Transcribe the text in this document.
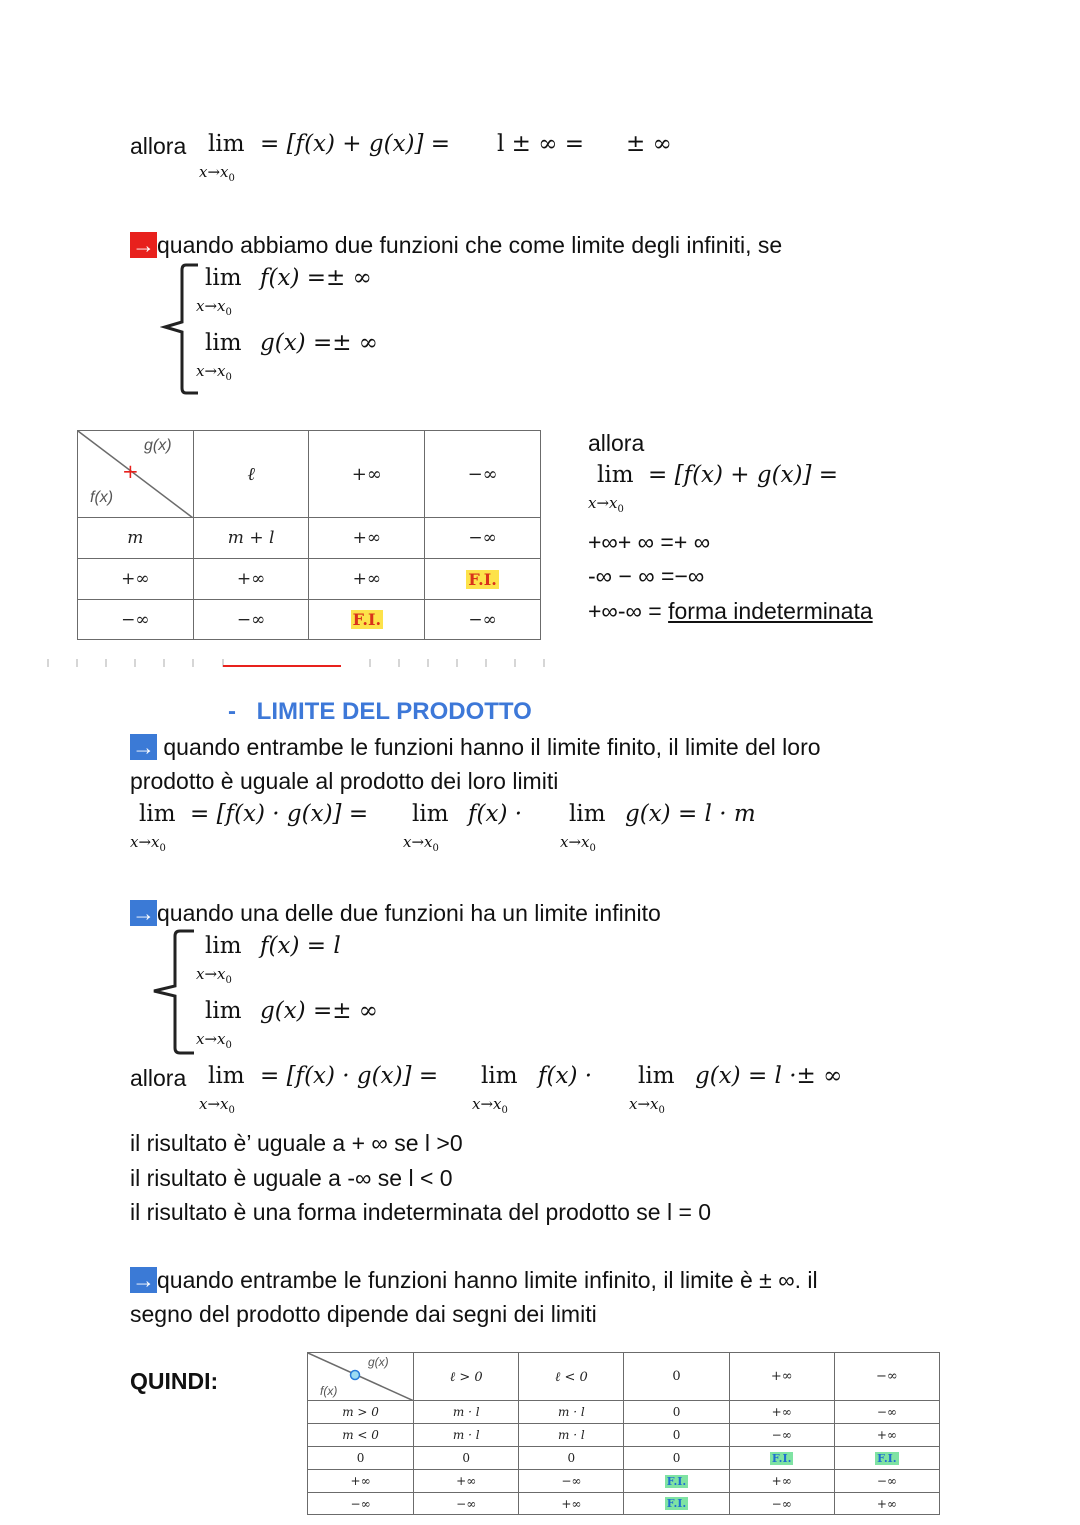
allora lim
$x\to x_0$
= [f(x) + g(x)] = l ± ∞ = ± ∞
→quando abbiamo due funzioni che come limite degli infiniti, se
lim
$x\to x_0$
f(x) =± ∞
lim
$x\to x_0$
g(x) =± ∞
g(x)
+
f(x)	ℓ	+∞	−∞
m	m + l	+∞	−∞
+∞	+∞	+∞	F.I.
−∞	−∞	F.I.	−∞
allora
lim
$x\to x_0$
= [f(x) + g(x)] =
+∞+ ∞ =+ ∞
-∞ − ∞ =−∞
+∞-∞ = forma indeterminata
- LIMITE DEL PRODOTTO
→ quando entrambe le funzioni hanno il limite finito, il limite del loro
prodotto è uguale al prodotto dei loro limiti
lim
$x\to x_0$
= [f(x) · g(x)] = lim
$x\to x_0$
f(x) · lim
$x\to x_0$
g(x) = l · m
→quando una delle due funzioni ha un limite infinito
lim
$x\to x_0$
f(x) = l
lim
$x\to x_0$
g(x) =± ∞
allora lim
$x\to x_0$
= [f(x) · g(x)] = lim
$x\to x_0$
f(x) · lim
$x\to x_0$
g(x) = l ·± ∞
il risultato è’ uguale a + ∞ se l >0
il risultato è uguale a -∞ se l < 0
il risultato è una forma indeterminata del prodotto se l = 0
→quando entrambe le funzioni hanno limite infinito, il limite è ± ∞. il
segno del prodotto dipende dai segni dei limiti
QUINDI:
g(x)
f(x)	ℓ > 0	ℓ < 0	0	+∞	−∞
m > 0	m · l	m · l	0	+∞	−∞
m < 0	m · l	m · l	0	−∞	+∞
0	0	0	0	F.I.	F.I.
+∞	+∞	−∞	F.I.	+∞	−∞
−∞	−∞	+∞	F.I.	−∞	+∞
